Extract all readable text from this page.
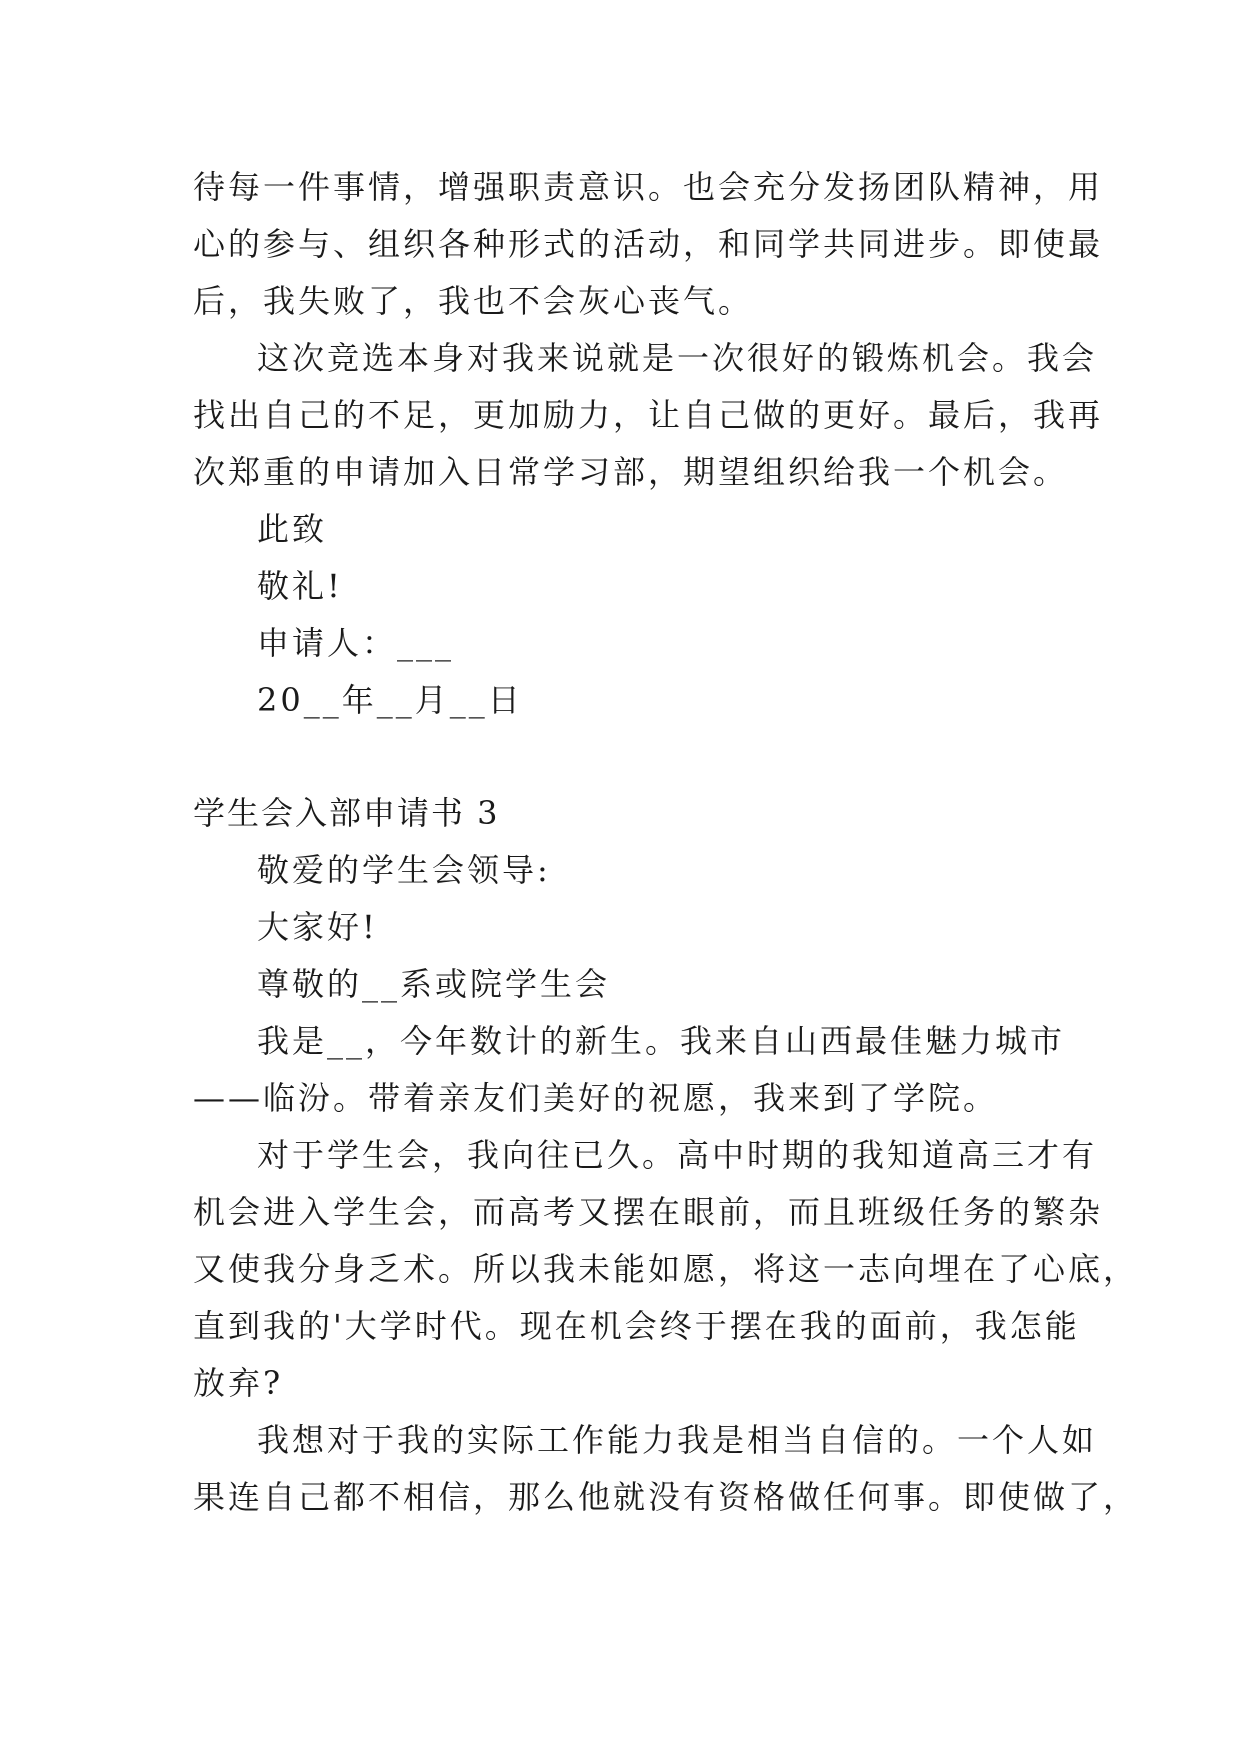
待每一件事情，增强职责意识。也会充分发扬团队精神，用
心的参与、组织各种形式的活动，和同学共同进步。即使最
后，我失败了，我也不会灰心丧气。
这次竞选本身对我来说就是一次很好的锻炼机会。我会
找出自己的不足，更加励力，让自己做的更好。最后，我再
次郑重的申请加入日常学习部，期望组织给我一个机会。
此致
敬礼!
申请人：___
20__年__月__日
学生会入部申请书 3
敬爱的学生会领导:
大家好!
尊敬的__系或院学生会
我是__，今年数计的新生。我来自山西最佳魅力城市
——临汾。带着亲友们美好的祝愿，我来到了学院。
对于学生会，我向往已久。高中时期的我知道高三才有
机会进入学生会，而高考又摆在眼前，而且班级任务的繁杂
又使我分身乏术。所以我未能如愿，将这一志向埋在了心底，
直到我的'大学时代。现在机会终于摆在我的面前，我怎能
放弃?
我想对于我的实际工作能力我是相当自信的。一个人如
果连自己都不相信，那么他就没有资格做任何事。即使做了，
